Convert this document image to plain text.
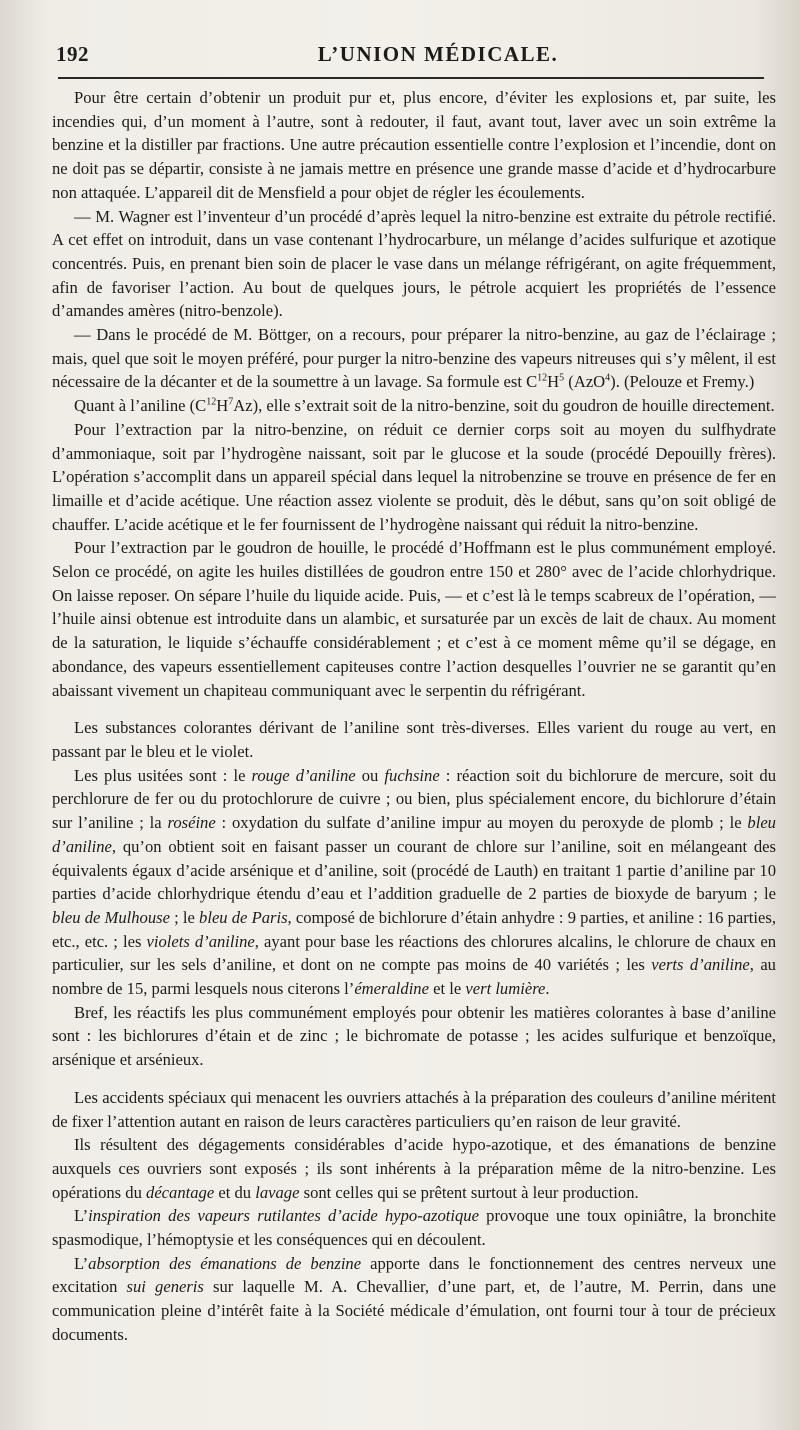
192	L’UNION MÉDICALE.

Pour être certain d’obtenir un produit pur et, plus encore, d’éviter les explosions et, par suite, les incendies qui, d’un moment à l’autre, sont à redouter, il faut, avant tout, laver avec un soin extrême la benzine et la distiller par fractions. Une autre précaution essentielle contre l’explosion et l’incendie, dont on ne doit pas se départir, consiste à ne jamais mettre en présence une grande masse d’acide et d’hydrocarbure non attaquée. L’appareil dit de Mensfield a pour objet de régler les écoulements.

— M. Wagner est l’inventeur d’un procédé d’après lequel la nitro-benzine est extraite du pétrole rectifié. A cet effet on introduit, dans un vase contenant l’hydrocarbure, un mélange d’acides sulfurique et azotique concentrés. Puis, en prenant bien soin de placer le vase dans un mélange réfrigérant, on agite fréquemment, afin de favoriser l’action. Au bout de quelques jours, le pétrole acquiert les propriétés de l’essence d’amandes amères (nitro-benzole).

— Dans le procédé de M. Böttger, on a recours, pour préparer la nitro-benzine, au gaz de l’éclairage ; mais, quel que soit le moyen préféré, pour purger la nitro-benzine des vapeurs nitreuses qui s’y mêlent, il est nécessaire de la décanter et de la soumettre à un lavage. Sa formule est $C^{12}H^5$ (AzO$^4$). (Pelouze et Fremy.)

Quant à l’aniline $(C^{12}H^7Az)$, elle s’extrait soit de la nitro-benzine, soit du goudron de houille directement.

Pour l’extraction par la nitro-benzine, on réduit ce dernier corps soit au moyen du sulfhydrate d’ammoniaque, soit par l’hydrogène naissant, soit par le glucose et la soude (procédé Depouilly frères). L’opération s’accomplit dans un appareil spécial dans lequel la nitrobenzine se trouve en présence de fer en limaille et d’acide acétique. Une réaction assez violente se produit, dès le début, sans qu’on soit obligé de chauffer. L’acide acétique et le fer fournissent de l’hydrogène naissant qui réduit la nitro-benzine.

Pour l’extraction par le goudron de houille, le procédé d’Hoffmann est le plus communément employé. Selon ce procédé, on agite les huiles distillées de goudron entre 150 et 280° avec de l’acide chlorhydrique. On laisse reposer. On sépare l’huile du liquide acide. Puis, — et c’est là le temps scabreux de l’opération, — l’huile ainsi obtenue est introduite dans un alambic, et sursaturée par un excès de lait de chaux. Au moment de la saturation, le liquide s’échauffe considérablement ; et c’est à ce moment même qu’il se dégage, en abondance, des vapeurs essentiellement capiteuses contre l’action desquelles l’ouvrier ne se garantit qu’en abaissant vivement un chapiteau communiquant avec le serpentin du réfrigérant.

Les substances colorantes dérivant de l’aniline sont très-diverses. Elles varient du rouge au vert, en passant par le bleu et le violet.

Les plus usitées sont : le rouge d’aniline ou fuchsine : réaction soit du bichlorure de mercure, soit du perchlorure de fer ou du protochlorure de cuivre ; ou bien, plus spécialement encore, du bichlorure d’étain sur l’aniline ; la roséine : oxydation du sulfate d’aniline impur au moyen du peroxyde de plomb ; le bleu d’aniline, qu’on obtient soit en faisant passer un courant de chlore sur l’aniline, soit en mélangeant des équivalents égaux d’acide arsénique et d’aniline, soit (procédé de Lauth) en traitant 1 partie d’aniline par 10 parties d’acide chlorhydrique étendu d’eau et l’addition graduelle de 2 parties de bioxyde de baryum ; le bleu de Mulhouse ; le bleu de Paris, composé de bichlorure d’étain anhydre : 9 parties, et aniline : 16 parties, etc., etc. ; les violets d’aniline, ayant pour base les réactions des chlorures alcalins, le chlorure de chaux en particulier, sur les sels d’aniline, et dont on ne compte pas moins de 40 variétés ; les verts d’aniline, au nombre de 15, parmi lesquels nous citerons l’émeraldine et le vert lumière.

Bref, les réactifs les plus communément employés pour obtenir les matières colorantes à base d’aniline sont : les bichlorures d’étain et de zinc ; le bichromate de potasse ; les acides sulfurique et benzoïque, arsénique et arsénieux.

Les accidents spéciaux qui menacent les ouvriers attachés à la préparation des couleurs d’aniline méritent de fixer l’attention autant en raison de leurs caractères particuliers qu’en raison de leur gravité.

Ils résultent des dégagements considérables d’acide hypo-azotique, et des émanations de benzine auxquels ces ouvriers sont exposés ; ils sont inhérents à la préparation même de la nitro-benzine. Les opérations du décantage et du lavage sont celles qui se prêtent surtout à leur production.

L’inspiration des vapeurs rutilantes d’acide hypo-azotique provoque une toux opiniâtre, la bronchite spasmodique, l’hémoptysie et les conséquences qui en découlent.

L’absorption des émanations de benzine apporte dans le fonctionnement des centres nerveux une excitation sui generis sur laquelle M. A. Chevallier, d’une part, et, de l’autre, M. Perrin, dans une communication pleine d’intérêt faite à la Société médicale d’émulation, ont fourni tour à tour de précieux documents.
